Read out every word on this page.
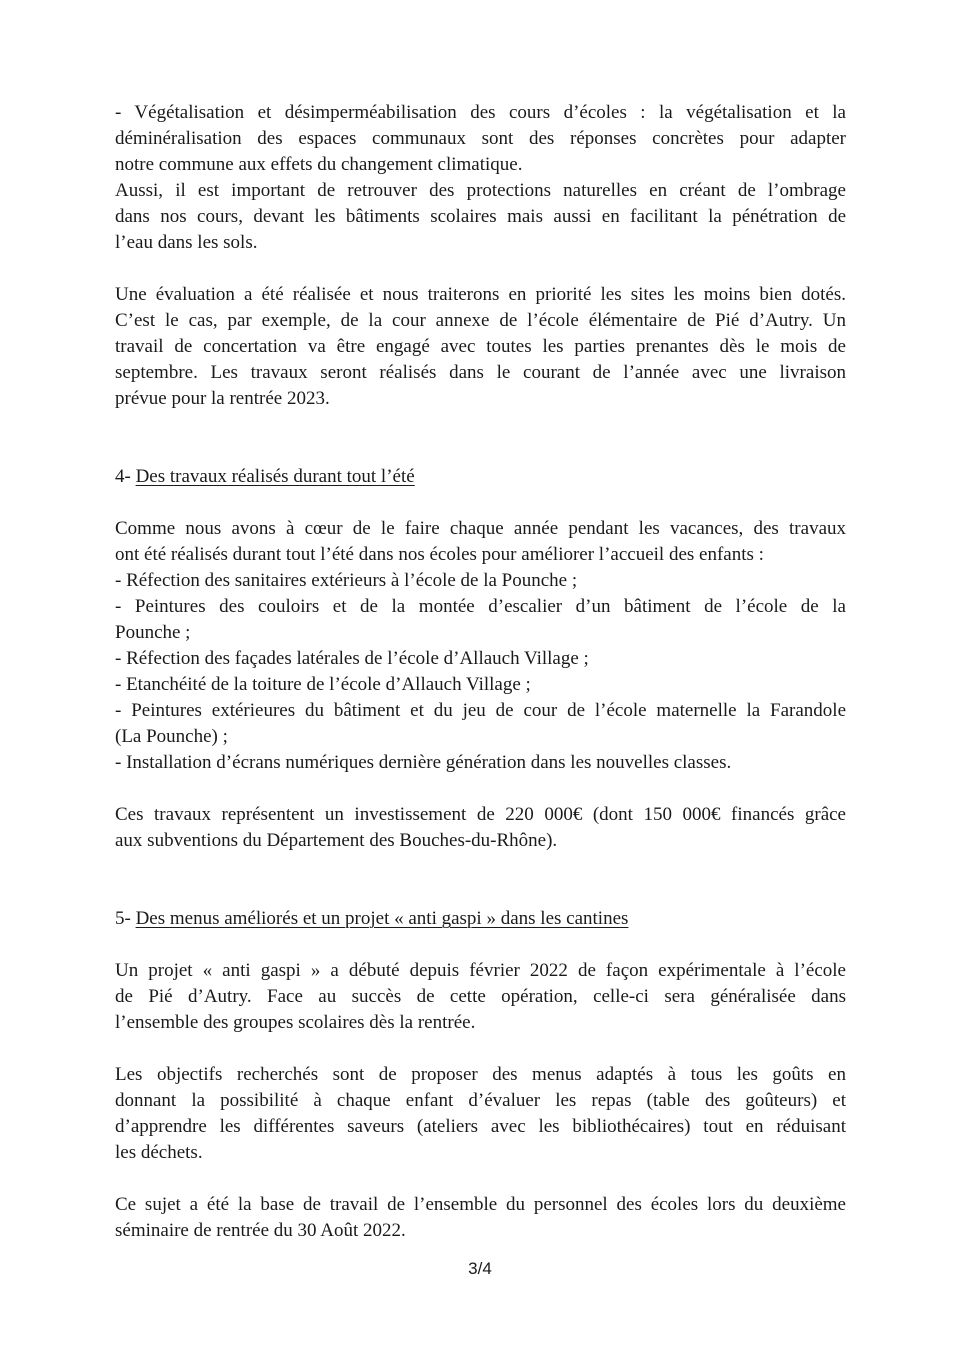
- Végétalisation et désimperméabilisation des cours d’écoles : la végétalisation et la
déminéralisation des espaces communaux sont des réponses concrètes pour adapter
notre commune aux effets du changement climatique.
Aussi, il est important de retrouver des protections naturelles en créant de l’ombrage
dans nos cours, devant les bâtiments scolaires mais aussi en facilitant la pénétration de
l’eau dans les sols.
Une évaluation a été réalisée et nous traiterons en priorité les sites les moins bien dotés.
C’est le cas, par exemple, de la cour annexe de l’école élémentaire de Pié d’Autry. Un
travail de concertation va être engagé avec toutes les parties prenantes dès le mois de
septembre. Les travaux seront réalisés dans le courant de l’année avec une livraison
prévue pour la rentrée 2023.
4- Des travaux réalisés durant tout l’été
Comme nous avons à cœur de le faire chaque année pendant les vacances, des travaux
ont été réalisés durant tout l’été dans nos écoles pour améliorer l’accueil des enfants :
- Réfection des sanitaires extérieurs à l’école de la Pounche ;
- Peintures des couloirs et de la montée d’escalier d’un bâtiment de l’école de la
Pounche ;
- Réfection des façades latérales de l’école d’Allauch Village ;
- Etanchéité de la toiture de l’école d’Allauch Village ;
- Peintures extérieures du bâtiment et du jeu de cour de l’école maternelle la Farandole
(La Pounche) ;
- Installation d’écrans numériques dernière génération dans les nouvelles classes.
Ces travaux représentent un investissement de 220 000€ (dont 150 000€ financés grâce
aux subventions du Département des Bouches-du-Rhône).
5- Des menus améliorés et un projet « anti gaspi » dans les cantines
Un projet « anti gaspi » a débuté depuis février 2022 de façon expérimentale à l’école
de Pié d’Autry. Face au succès de cette opération, celle-ci sera généralisée dans
l’ensemble des groupes scolaires dès la rentrée.
Les objectifs recherchés sont de proposer des menus adaptés à tous les goûts en
donnant la possibilité à chaque enfant d’évaluer les repas (table des goûteurs) et
d’apprendre les différentes saveurs (ateliers avec les bibliothécaires) tout en réduisant
les déchets.
Ce sujet a été la base de travail de l’ensemble du personnel des écoles lors du deuxième
séminaire de rentrée du 30 Août 2022.
3/4
